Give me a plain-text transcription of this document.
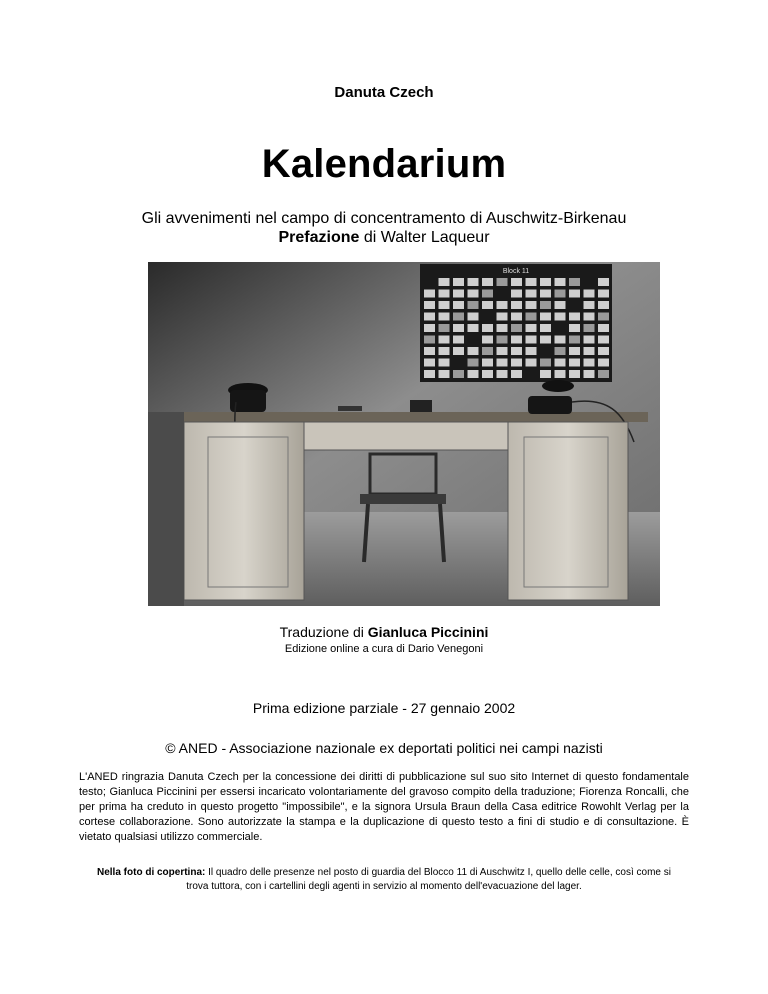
Danuta Czech
Kalendarium
Gli avvenimenti nel campo di concentramento di Auschwitz-Birkenau
Prefazione di Walter Laqueur
Block 11
Traduzione di Gianluca Piccinini
Edizione online a cura di Dario Venegoni
Prima edizione parziale - 27 gennaio 2002
© ANED - Associazione nazionale ex deportati politici nei campi nazisti
L'ANED ringrazia Danuta Czech per la concessione dei diritti di pubblicazione sul suo sito Internet di questo fondamentale testo; Gianluca Piccinini per essersi incaricato volontariamente del gravoso compito della traduzione; Fiorenza Roncalli, che per prima ha creduto in questo progetto "impossibile", e la signora Ursula Braun della Casa editrice Rowohlt Verlag per la cortese collaborazione. Sono autorizzate la stampa e la duplicazione di questo testo a fini di studio e di consultazione. È vietato qualsiasi utilizzo commerciale.
Nella foto di copertina: Il quadro delle presenze nel posto di guardia del Blocco 11 di Auschwitz I, quello delle celle, così come si trova tuttora, con i cartellini degli agenti in servizio al momento dell'evacuazione del lager.
